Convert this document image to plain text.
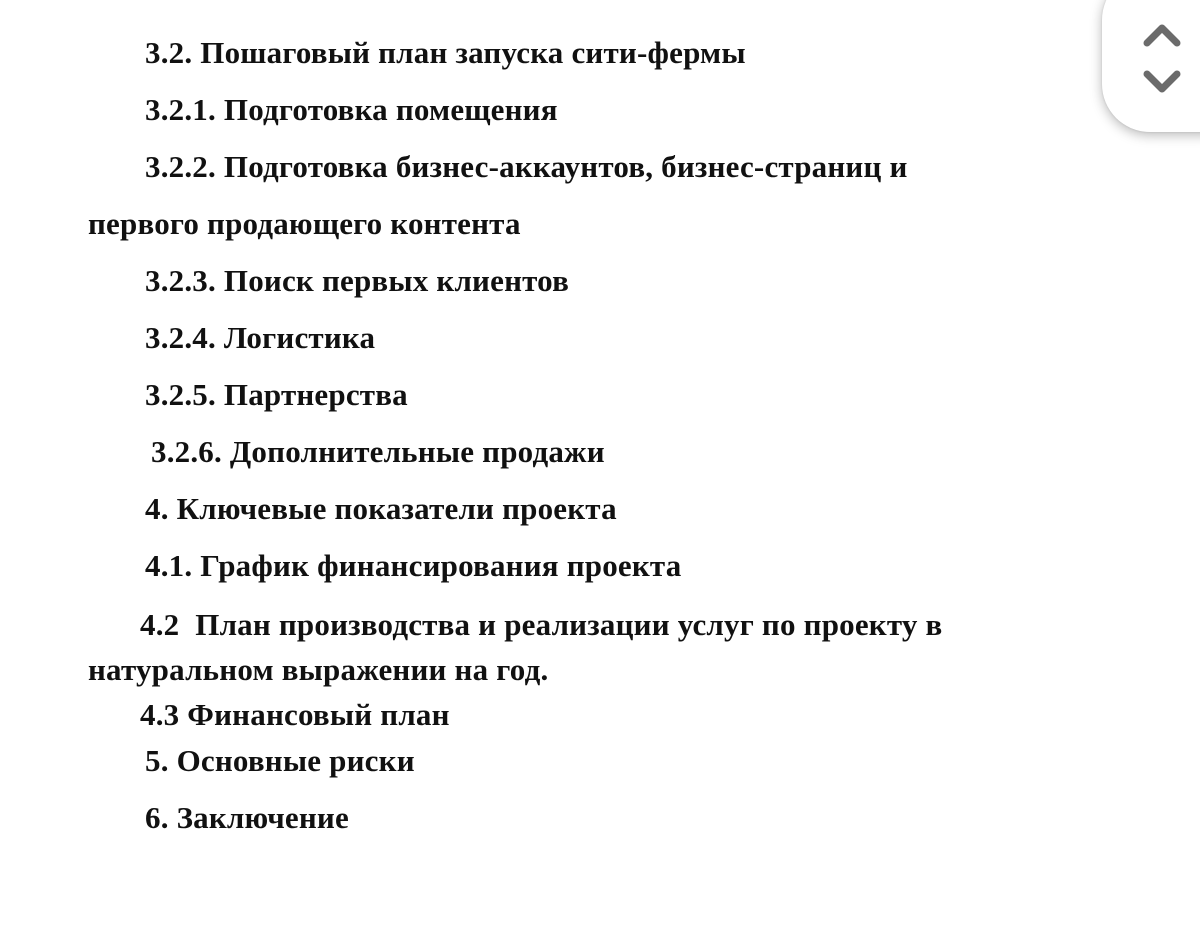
3.2. Пошаговый план запуска сити-фермы

3.2.1. Подготовка помещения

3.2.2. Подготовка бизнес-аккаунтов, бизнес-страниц и

первого продающего контента

3.2.3. Поиск первых клиентов

3.2.4. Логистика

3.2.5. Партнерства

3.2.6. Дополнительные продажи

4. Ключевые показатели проекта

4.1. График финансирования проекта

4.2  План производства и реализации услуг по проекту в

натуральном выражении на год.

4.3 Финансовый план

5. Основные риски

6. Заключение
